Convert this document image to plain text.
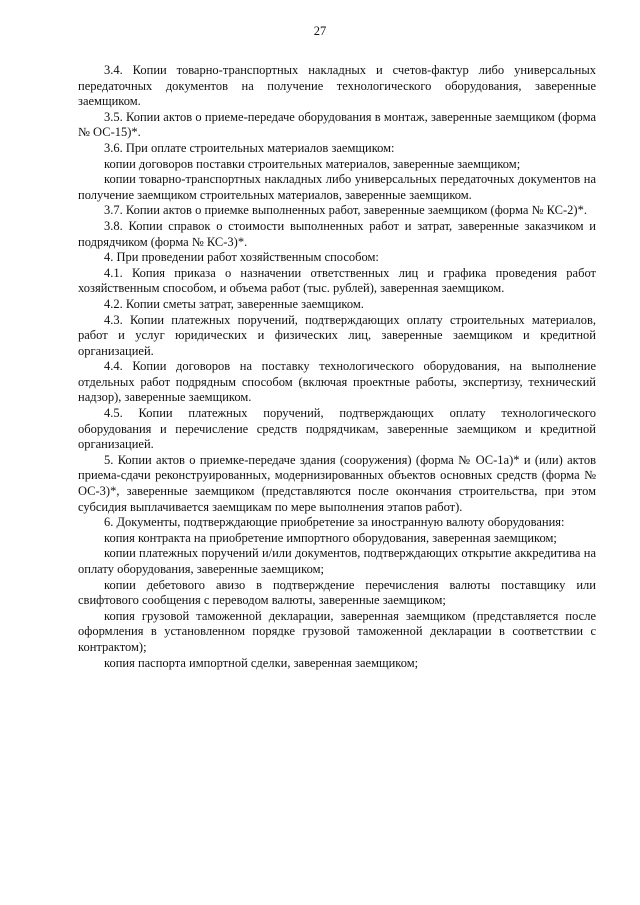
27

3.4. Копии товарно-транспортных накладных и счетов-фактур либо универсальных передаточных документов на получение технологического оборудования, заверенные заемщиком.

3.5. Копии актов о приеме-передаче оборудования в монтаж, заверенные заемщиком (форма № ОС-15)*.

3.6. При оплате строительных материалов заемщиком:

копии договоров поставки строительных материалов, заверенные заемщиком;

копии товарно-транспортных накладных либо универсальных передаточных документов на получение заемщиком строительных материалов, заверенные заемщиком.

3.7. Копии актов о приемке выполненных работ, заверенные заемщиком (форма № КС-2)*.

3.8. Копии справок о стоимости выполненных работ и затрат, заверенные заказчиком и подрядчиком (форма № КС-3)*.

4. При проведении работ хозяйственным способом:

4.1. Копия приказа о назначении ответственных лиц и графика проведения работ хозяйственным способом, и объема работ (тыс. рублей), заверенная заемщиком.

4.2. Копии сметы затрат, заверенные заемщиком.

4.3. Копии платежных поручений, подтверждающих оплату строительных материалов, работ и услуг юридических и физических лиц, заверенные заемщиком и кредитной организацией.

4.4. Копии договоров на поставку технологического оборудования, на выполнение отдельных работ подрядным способом (включая проектные работы, экспертизу, технический надзор), заверенные заемщиком.

4.5. Копии платежных поручений, подтверждающих оплату технологического оборудования и перечисление средств подрядчикам, заверенные заемщиком и кредитной организацией.

5. Копии актов о приемке-передаче здания (сооружения) (форма № ОС-1а)* и (или) актов приема-сдачи реконструированных, модернизированных объектов основных средств (форма № ОС-3)*, заверенные заемщиком (представляются после окончания строительства, при этом субсидия выплачивается заемщикам по мере выполнения этапов работ).

6. Документы, подтверждающие приобретение за иностранную валюту оборудования:

копия контракта на приобретение импортного оборудования, заверенная заемщиком;

копии платежных поручений и/или документов, подтверждающих открытие аккредитива на оплату оборудования, заверенные заемщиком;

копии дебетового авизо в подтверждение перечисления валюты поставщику или свифтового сообщения с переводом валюты, заверенные заемщиком;

копия грузовой таможенной декларации, заверенная заемщиком (представляется после оформления в установленном порядке грузовой таможенной декларации в соответствии с контрактом);

копия паспорта импортной сделки, заверенная заемщиком;
